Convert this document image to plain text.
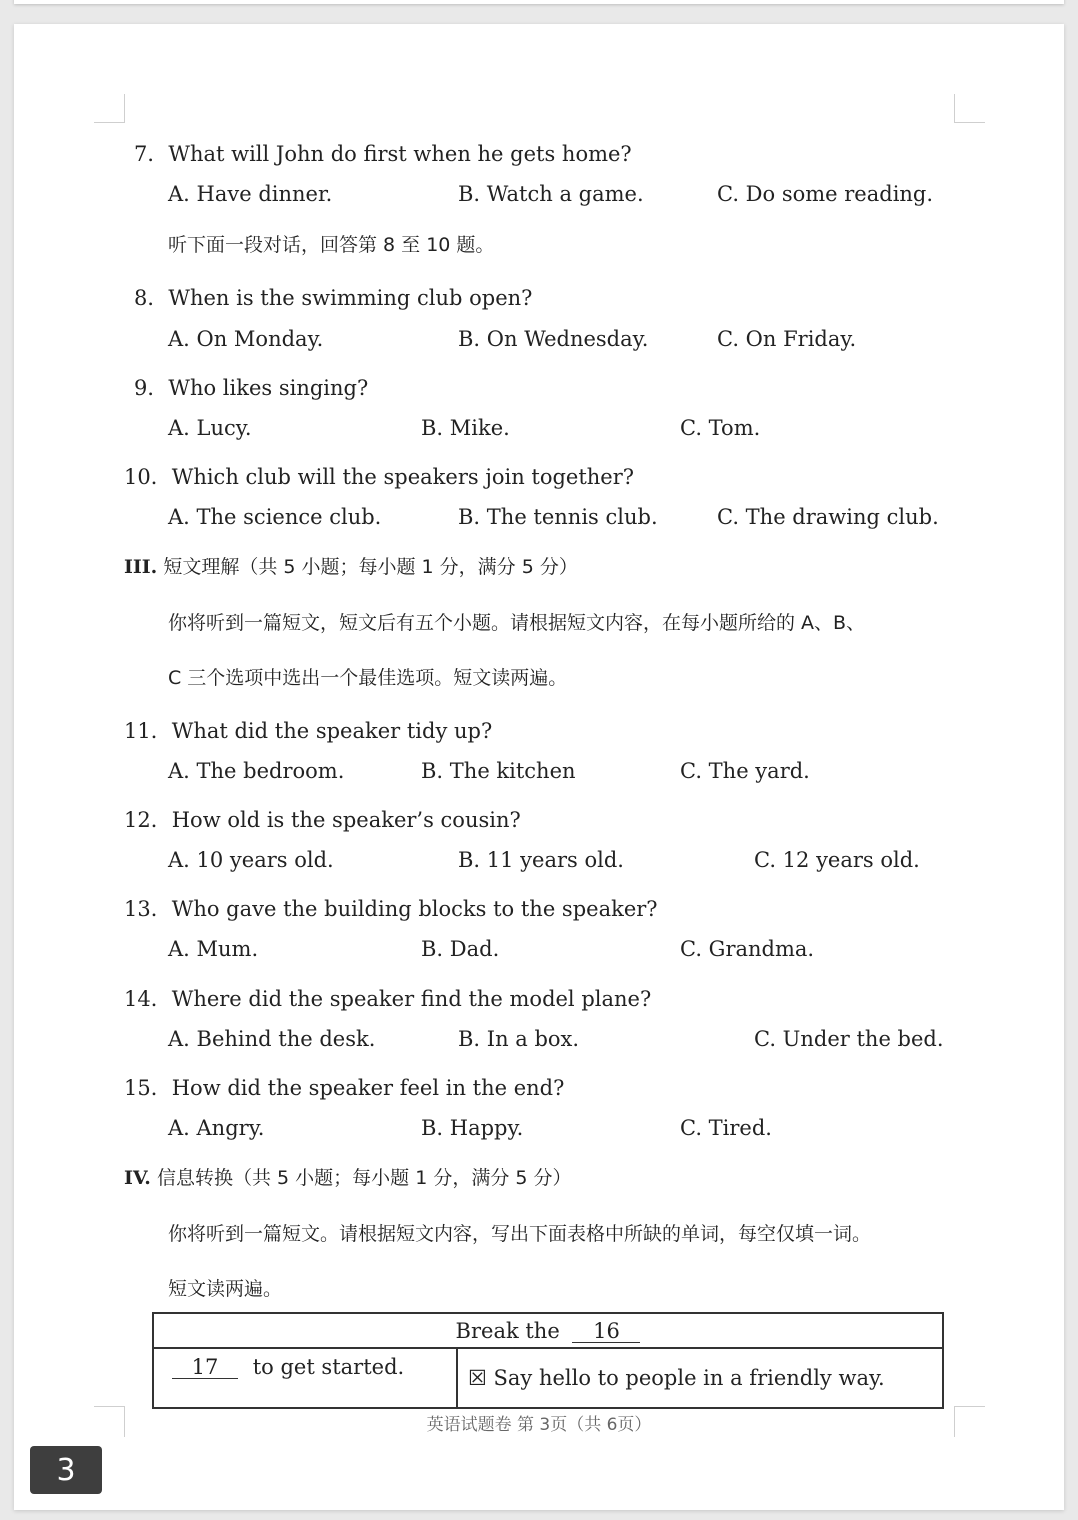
7．What will John do first when he gets home?
A. Have dinner.	B. Watch a game.	C. Do some reading.
听下面一段对话，回答第 8 至 10 题。
8．When is the swimming club open?
A. On Monday.	B. On Wednesday.	C. On Friday.
9．Who likes singing?
A. Lucy.	B. Mike.	C. Tom.
10．Which club will the speakers join together?
A. The science club.	B. The tennis club.	C. The drawing club.
III. 短文理解（共 5 小题；每小题 1 分，满分 5 分）
你将听到一篇短文，短文后有五个小题。请根据短文内容，在每小题所给的 A、B、
C 三个选项中选出一个最佳选项。短文读两遍。
11．What did the speaker tidy up?
A. The bedroom.	B. The kitchen	C. The yard.
12．How old is the speaker’s cousin?
A. 10 years old.	B. 11 years old.	C. 12 years old.
13．Who gave the building blocks to the speaker?
A. Mum.	B. Dad.	C. Grandma.
14．Where did the speaker find the model plane?
A. Behind the desk.	B. In a box.	C. Under the bed.
15．How did the speaker feel in the end?
A. Angry.	B. Happy.	C. Tired.
IV. 信息转换（共 5 小题；每小题 1 分，满分 5 分）
你将听到一篇短文。请根据短文内容，写出下面表格中所缺的单词，每空仅填一词。
短文读两遍。
Break the 16
17 to get started.	☒ Say hello to people in a friendly way.
英语试题卷 第 3页（共 6页）
3
